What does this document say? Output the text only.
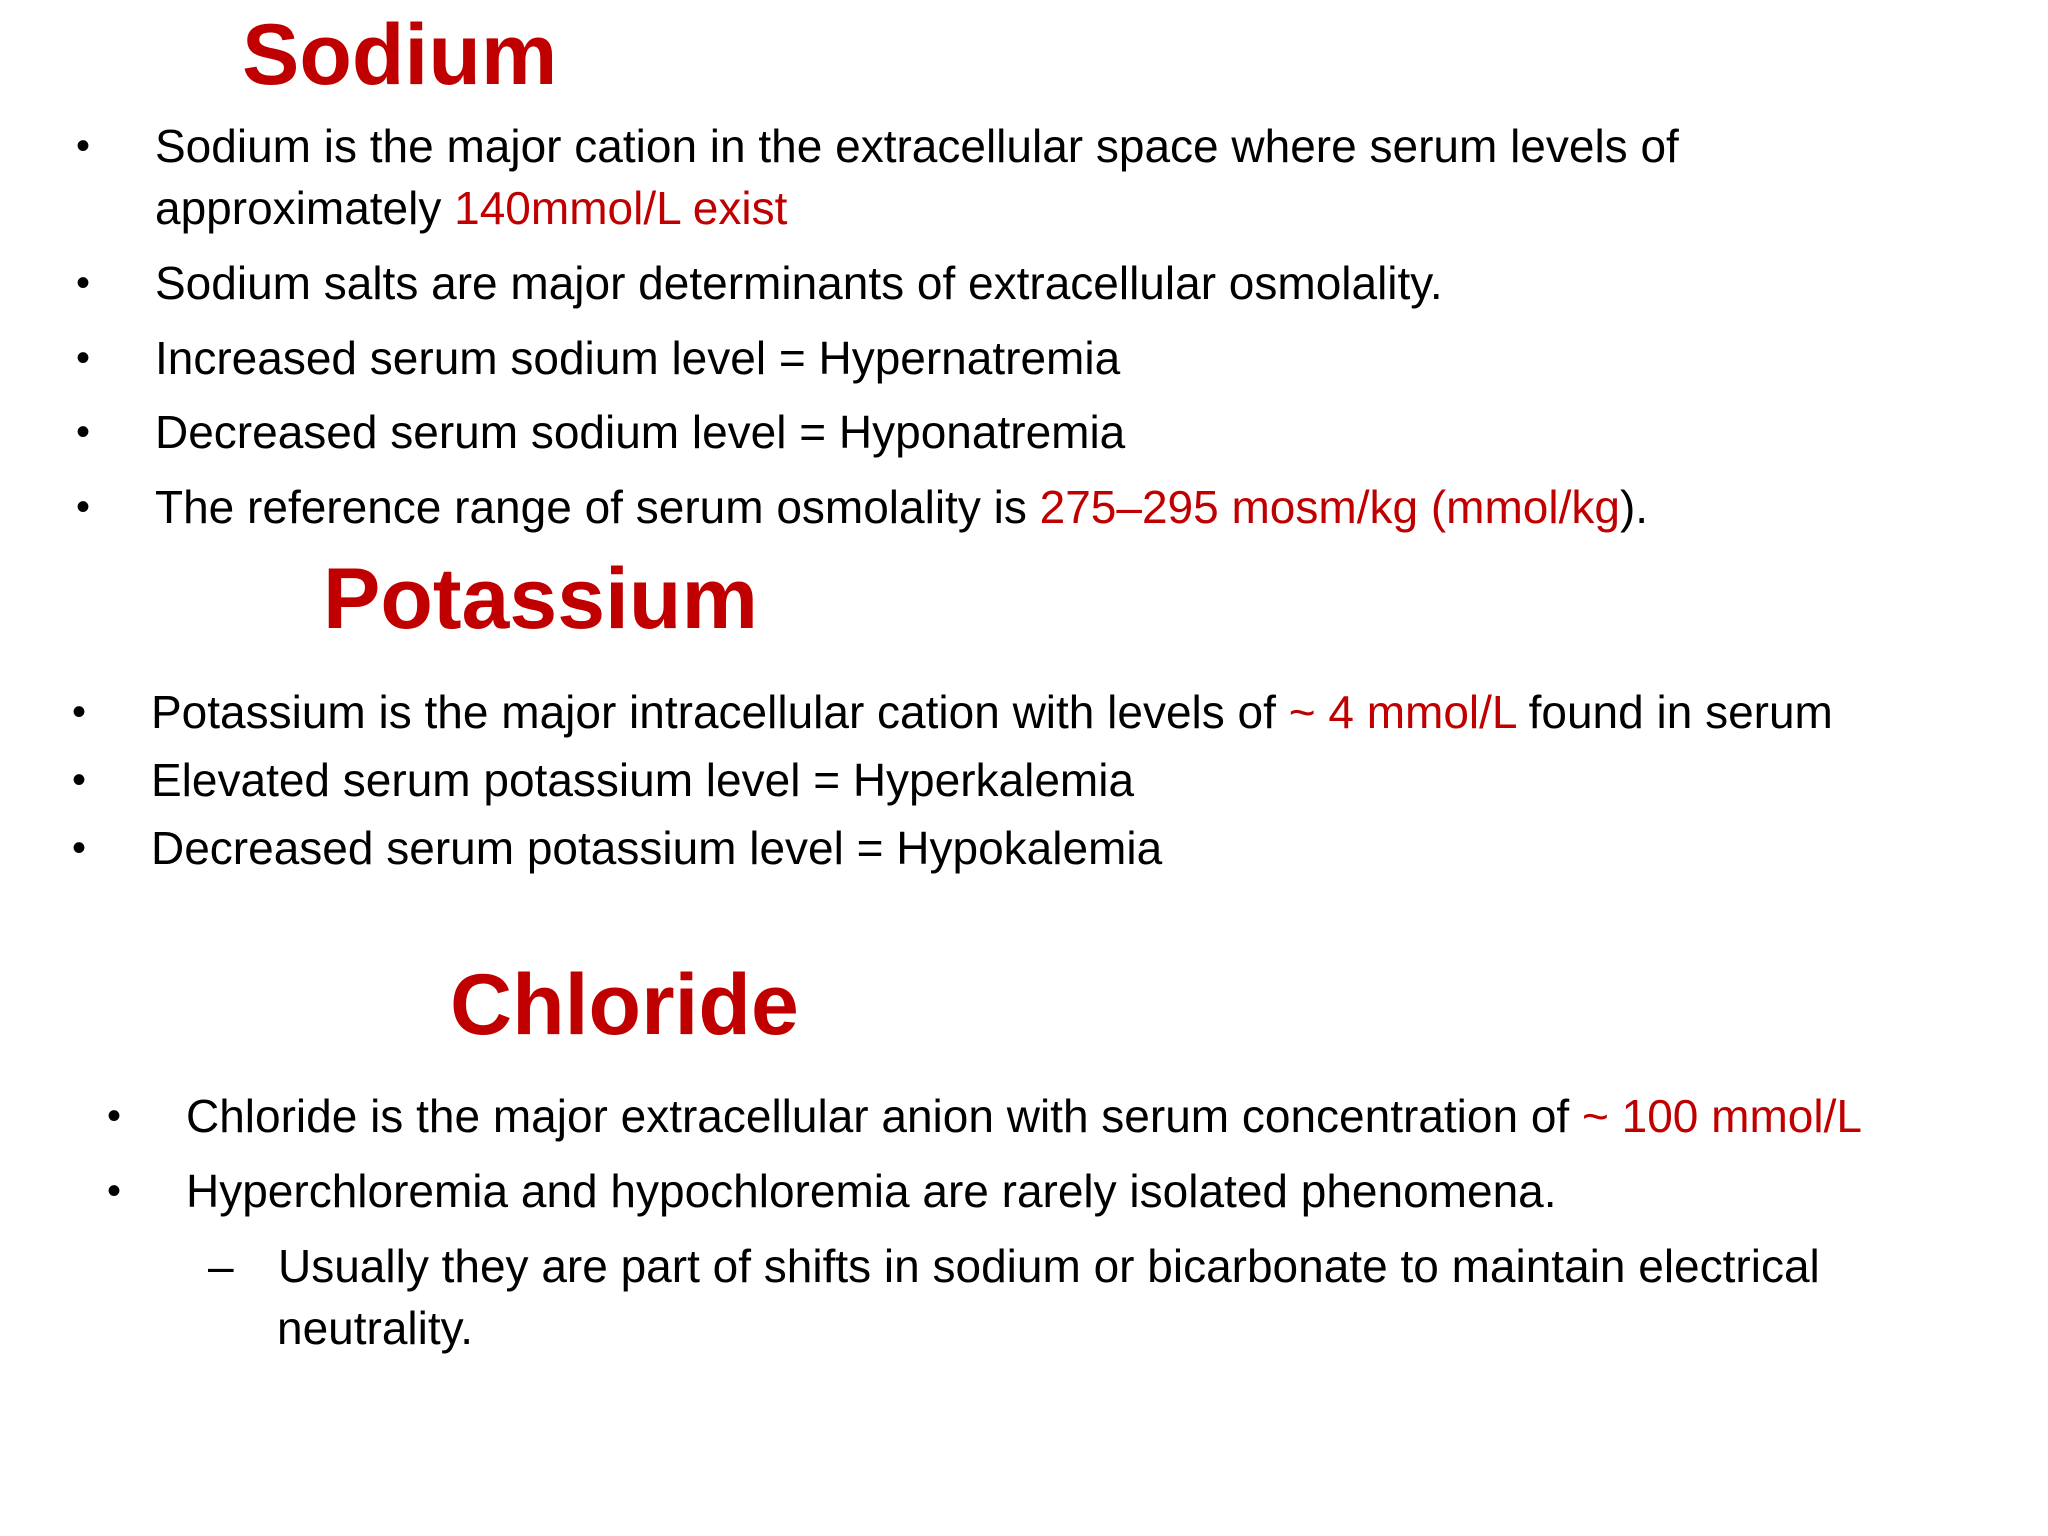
Sodium
• Sodium is the major cation in the extracellular space where serum levels of
approximately 140mmol/L exist
• Sodium salts are major determinants of extracellular osmolality.
• Increased serum sodium level = Hypernatremia
• Decreased serum sodium level = Hyponatremia
• The reference range of serum osmolality is 275–295 mosm/kg (mmol/kg).
Potassium
• Potassium is the major intracellular cation with levels of ~ 4 mmol/L found in serum
• Elevated serum potassium level = Hyperkalemia
• Decreased serum potassium level = Hypokalemia
Chloride
• Chloride is the major extracellular anion with serum concentration of ~ 100 mmol/L
• Hyperchloremia and hypochloremia are rarely isolated phenomena.
– Usually they are part of shifts in sodium or bicarbonate to maintain electrical
neutrality.
